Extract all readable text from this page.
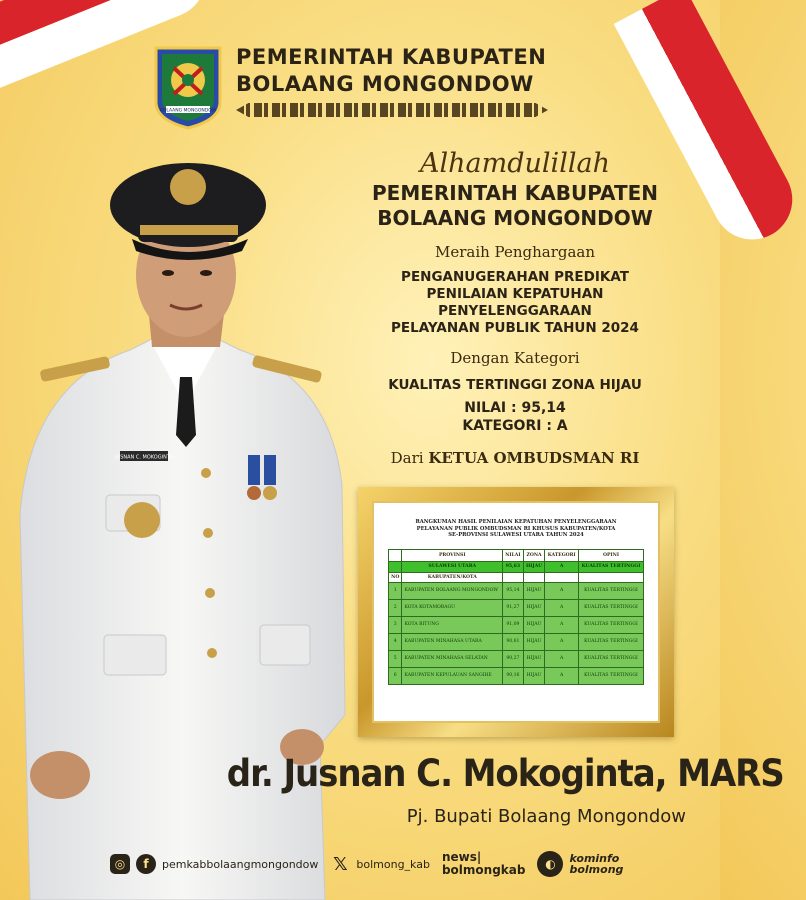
BOLAANG MONGONDOW
PEMERINTAH KABUPATEN
BOLAANG MONGONDOW
Alhamdulillah
PEMERINTAH KABUPATEN
BOLAANG MONGONDOW
Meraih Penghargaan
PENGANUGERAHAN PREDIKAT
PENILAIAN KEPATUHAN
PENYELENGGARAAN
PELAYANAN PUBLIK TAHUN 2024
Dengan Kategori
KUALITAS TERTINGGI ZONA HIJAU
NILAI : 95,14
KATEGORI : A
Dari KETUA OMBUDSMAN RI
JUSNAN C. MOKOGINTA
RANGKUMAN HASIL PENILAIAN KEPATUHAN PENYELENGGARAAN
PELAYANAN PUBLIK OMBUDSMAN RI KHUSUS KABUPATEN/KOTA
SE-PROVINSI SULAWESI UTARA TAHUN 2024
	PROVINSI	NILAI	ZONA	KATEGORI	OPINI
	SULAWESI UTARA	95,63	HIJAU	A	KUALITAS TERTINGGI
NO	KABUPATEN/KOTA				
1	KABUPATEN BOLAANG MONGONDOW	95,14	HIJAU	A	KUALITAS TERTINGGI
2	KOTA KOTAMOBAGU	91,27	HIJAU	A	KUALITAS TERTINGGI
3	KOTA BITUNG	91,09	HIJAU	A	KUALITAS TERTINGGI
4	KABUPATEN MINAHASA UTARA	90,61	HIJAU	A	KUALITAS TERTINGGI
5	KABUPATEN MINAHASA SELATAN	90,27	HIJAU	A	KUALITAS TERTINGGI
6	KABUPATEN KEPULAUAN SANGIHE	90,16	HIJAU	A	KUALITAS TERTINGGI
dr. Jusnan C. Mokoginta, MARS
Pj. Bupati Bolaang Mongondow
◎	f	pemkabbolaangmongondow 𝕏 bolmong_kab news|
bolmongkab	◐	kominfo
bolmong
